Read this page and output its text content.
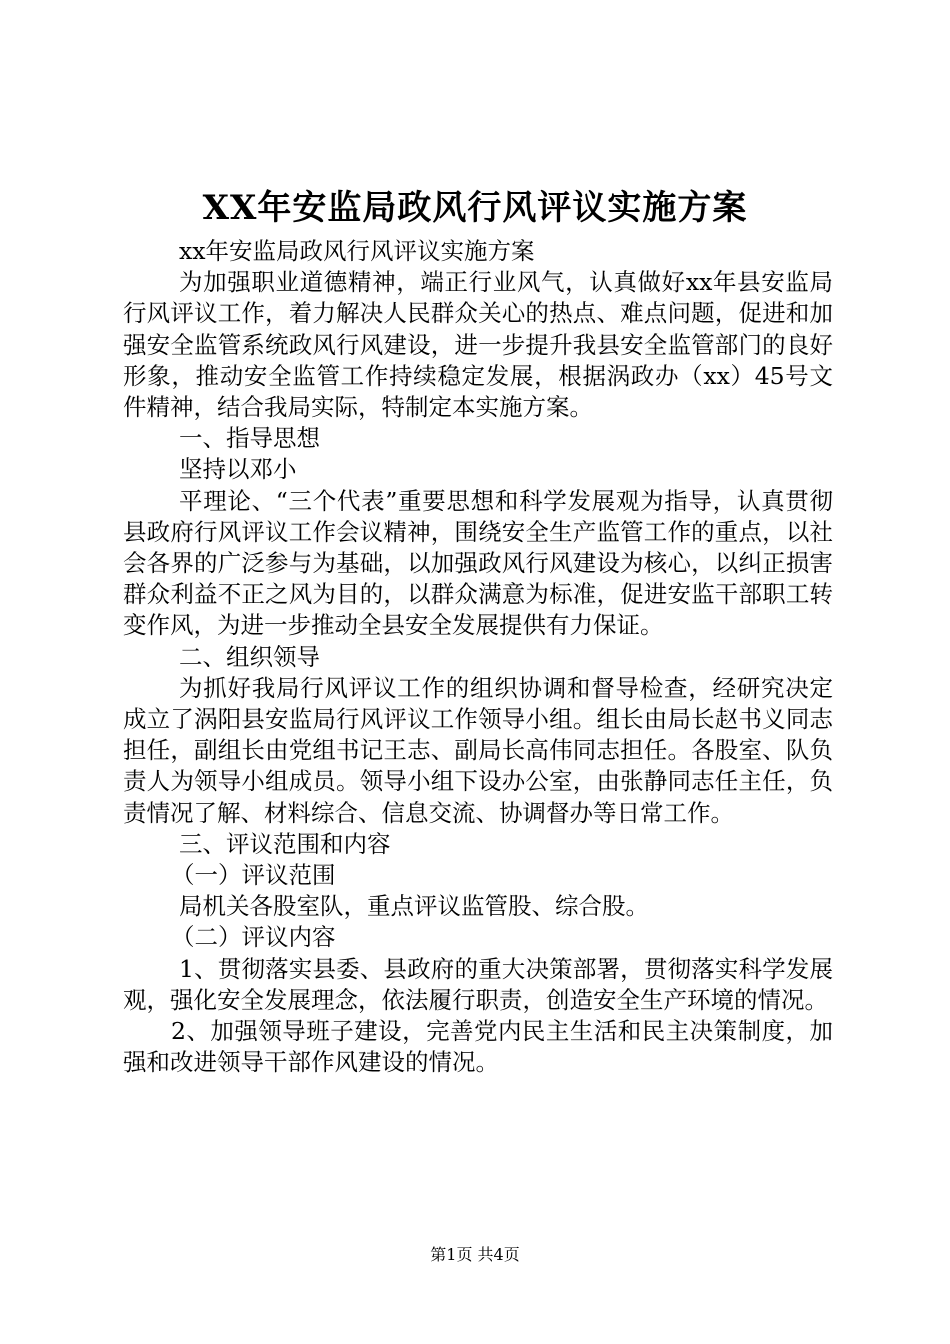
XX年安监局政风行风评议实施方案

xx年安监局政风行风评议实施方案

为加强职业道德精神，端正行业风气，认真做好xx年县安监局行风评议工作，着力解决人民群众关心的热点、难点问题，促进和加强安全监管系统政风行风建设，进一步提升我县安全监管部门的良好形象，推动安全监管工作持续稳定发展，根据涡政办（xx）45号文件精神，结合我局实际，特制定本实施方案。

一、指导思想

坚持以邓小

平理论、“三个代表”重要思想和科学发展观为指导，认真贯彻县政府行风评议工作会议精神，围绕安全生产监管工作的重点，以社会各界的广泛参与为基础，以加强政风行风建设为核心，以纠正损害群众利益不正之风为目的，以群众满意为标准，促进安监干部职工转变作风，为进一步推动全县安全发展提供有力保证。

二、组织领导

为抓好我局行风评议工作的组织协调和督导检查，经研究决定成立了涡阳县安监局行风评议工作领导小组。组长由局长赵书义同志担任，副组长由党组书记王志、副局长高伟同志担任。各股室、队负责人为领导小组成员。领导小组下设办公室，由张静同志任主任，负责情况了解、材料综合、信息交流、协调督办等日常工作。

三、评议范围和内容

（一）评议范围

局机关各股室队，重点评议监管股、综合股。

（二）评议内容

1、贯彻落实县委、县政府的重大决策部署，贯彻落实科学发展观，强化安全发展理念，依法履行职责，创造安全生产环境的情况。

2、加强领导班子建设，完善党内民主生活和民主决策制度，加强和改进领导干部作风建设的情况。

第1页 共4页
